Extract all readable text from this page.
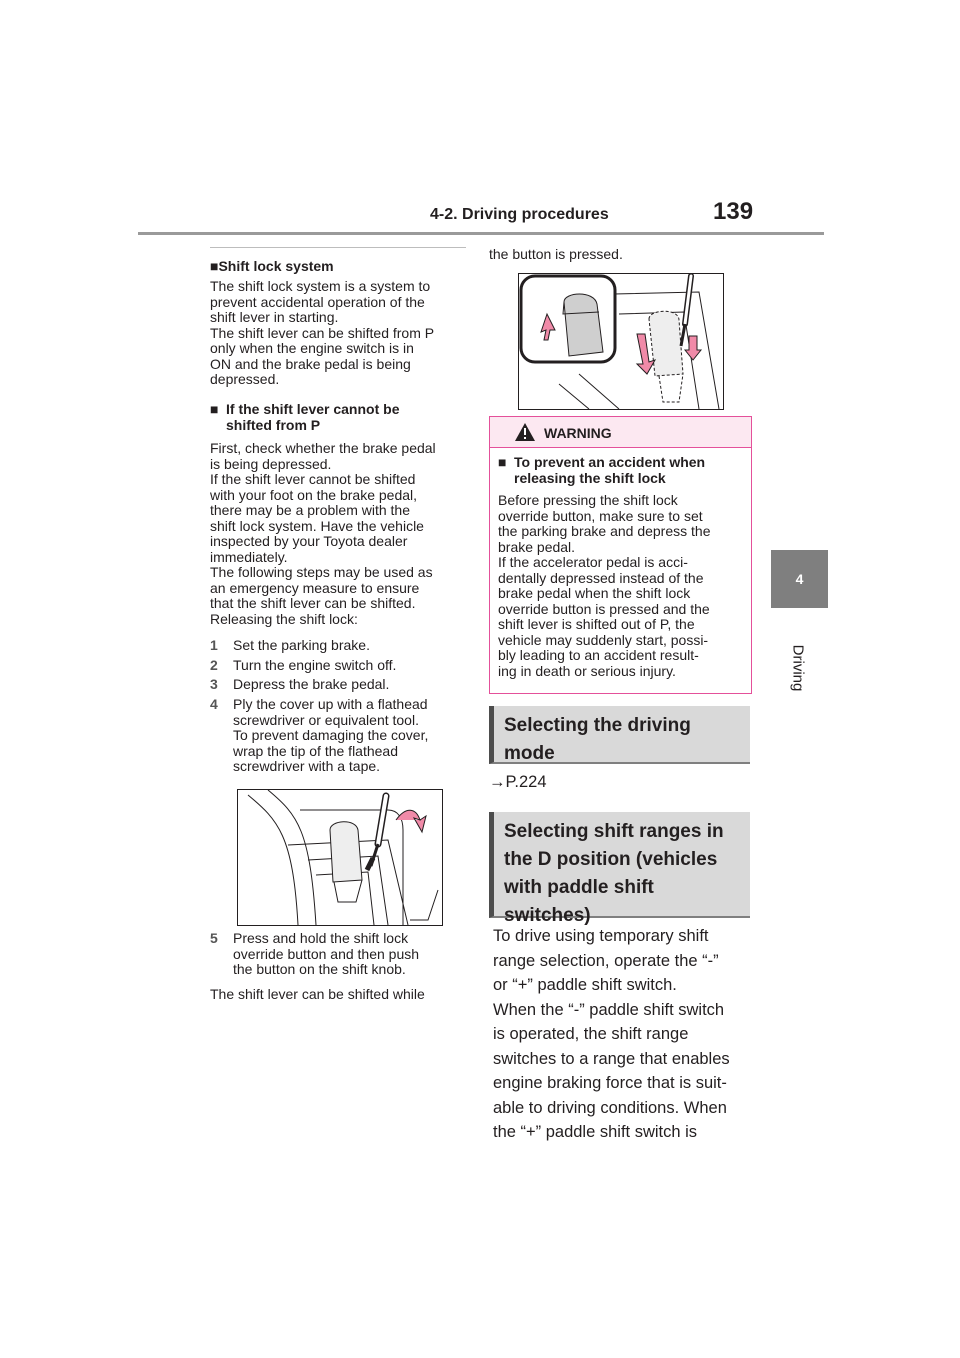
4-2. Driving procedures	139
4
Driving
■Shift lock system
The shift lock system is a system to
prevent accidental operation of the
shift lever in starting.
The shift lever can be shifted from P
only when the engine switch is in
ON and the brake pedal is being
depressed.
■ If the shift lever cannot be
shifted from P
First, check whether the brake pedal
is being depressed.
If the shift lever cannot be shifted
with your foot on the brake pedal,
there may be a problem with the
shift lock system. Have the vehicle
inspected by your Toyota dealer
immediately.
The following steps may be used as
an emergency measure to ensure
that the shift lever can be shifted.
Releasing the shift lock:
1 Set the parking brake.
2 Turn the engine switch off.
3 Depress the brake pedal.
4 Ply the cover up with a flathead
screwdriver or equivalent tool.
To prevent damaging the cover,
wrap the tip of the flathead
screwdriver with a tape.
5 Press and hold the shift lock
override button and then push
the button on the shift knob.
The shift lever can be shifted while
the button is pressed.
WARNING
■ To prevent an accident when
releasing the shift lock
Before pressing the shift lock
override button, make sure to set
the parking brake and depress the
brake pedal.
If the accelerator pedal is acci-
dentally depressed instead of the
brake pedal when the shift lock
override button is pressed and the
shift lever is shifted out of P, the
vehicle may suddenly start, possi-
bly leading to an accident result-
ing in death or serious injury.
Selecting the driving
mode
→P.224
Selecting shift ranges in
the D position (vehicles
with paddle shift
switches)
To drive using temporary shift
range selection, operate the “-”
or “+” paddle shift switch.
When the “-” paddle shift switch
is operated, the shift range
switches to a range that enables
engine braking force that is suit-
able to driving conditions. When
the “+” paddle shift switch is
